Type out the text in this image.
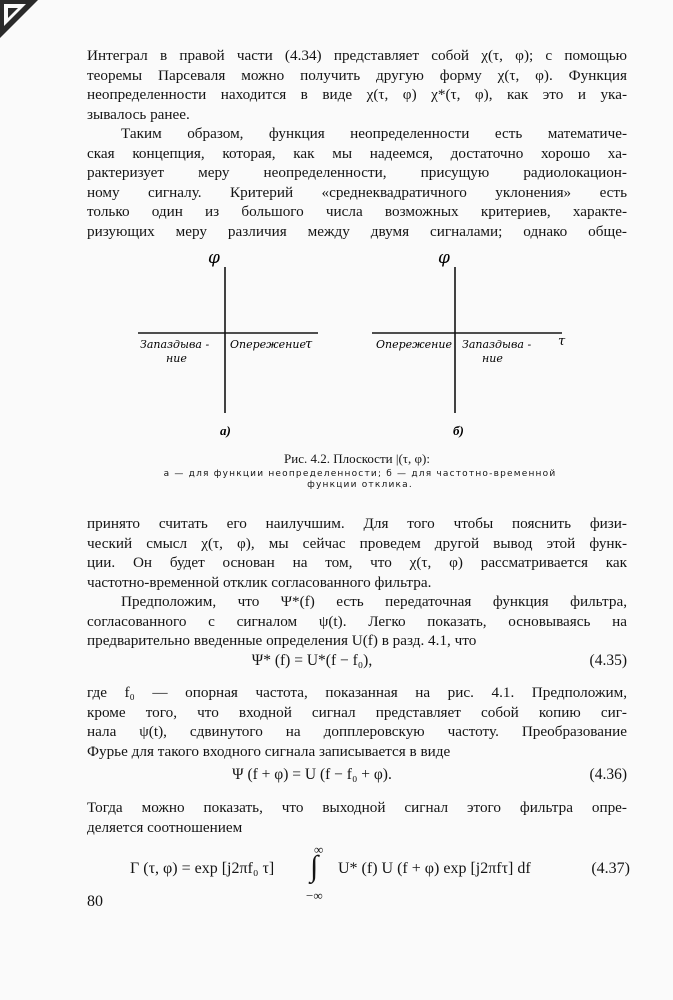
Интеграл в правой части (4.34) представляет собой χ(τ, φ); с помощью
теоремы Парсеваля можно получить другую форму χ(τ, φ). Функция
неопределенности находится в виде χ(τ, φ) χ*(τ, φ), как это и ука-
зывалось ранее.

Таким образом, функция неопределенности есть математиче-
ская концепция, которая, как мы надеемся, достаточно хорошо ха-
рактеризует меру неопределенности, присущую радиолокацион-
ному сигналу. Критерий «среднеквадратичного уклонения» есть
только один из большого числа возможных критериев, характе-
ризующих меру различия между двумя сигналами; однако обще-

φ
Запаздыва -
ние
Опережение
τ
а)
φ
Опережение Запаздыва -
ние
τ
б)
Рис. 4.2. Плоскости |(τ, φ):
а — для функции неопределенности; б — для частотно-временной
функции отклика.

принято считать его наилучшим. Для того чтобы пояснить физи-
ческий смысл χ(τ, φ), мы сейчас проведем другой вывод этой функ-
ции. Он будет основан на том, что χ(τ, φ) рассматривается как
частотно-временной отклик согласованного фильтра.

Предположим, что Ψ*(f) есть передаточная функция фильтра,
согласованного с сигналом ψ(t). Легко показать, основываясь на
предварительно введенные определения U(f) в разд. 4.1, что

Ψ* (f) = U*(f − f₀),	(4.35)

где f₀ — опорная частота, показанная на рис. 4.1. Предположим,
кроме того, что входной сигнал представляет собой копию сиг-
нала ψ(t), сдвинутого на допплеровскую частоту. Преобразование
Фурье для такого входного сигнала записывается в виде

Ψ (f + φ) = U (f − f₀ + φ).	(4.36)

Тогда можно показать, что выходной сигнал этого фильтра опре-
деляется соотношением

Γ (τ, φ) = exp [j2πf₀ τ]
∞
∫
−∞
U* (f) U (f + φ) exp [j2πfτ] df	(4.37)
80
